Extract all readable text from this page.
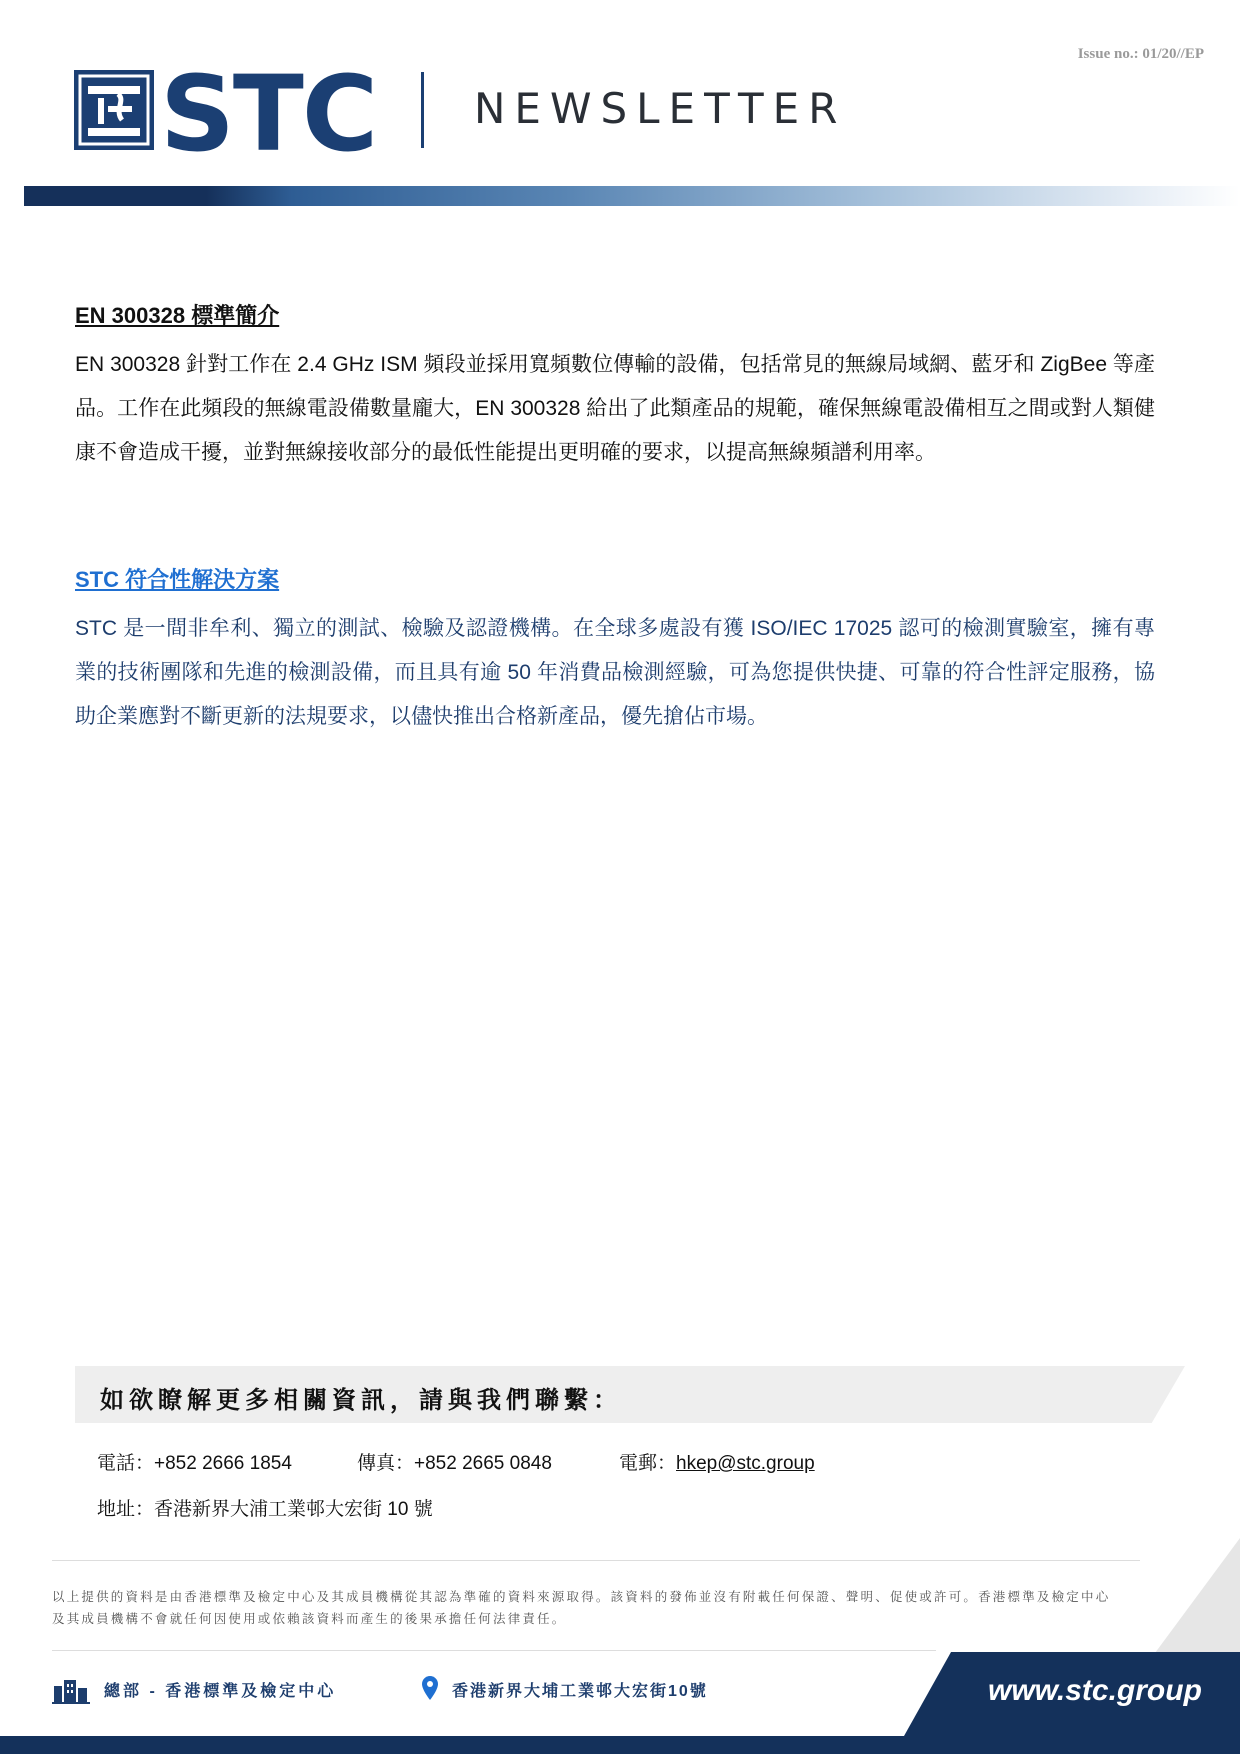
Issue no.: 01/20//EP
STC NEWSLETTER
EN 300328 標準簡介

EN 300328 針對工作在 2.4 GHz ISM 頻段並採用寬頻數位傳輸的設備，包括常見的無線局域網、藍牙和 ZigBee 等產品。工作在此頻段的無線電設備數量龐大，EN 300328 給出了此類產品的規範，確保無線電設備相互之間或對人類健康不會造成干擾，並對無線接收部分的最低性能提出更明確的要求，以提高無線頻譜利用率。

STC 符合性解決方案

STC 是一間非牟利、獨立的測試、檢驗及認證機構。在全球多處設有獲 ISO/IEC 17025 認可的檢測實驗室，擁有專業的技術團隊和先進的檢測設備，而且具有逾 50 年消費品檢測經驗，可為您提供快捷、可靠的符合性評定服務，協助企業應對不斷更新的法規要求，以儘快推出合格新產品，優先搶佔市場。

如欲瞭解更多相關資訊，請與我們聯繫：
電話：+852 2666 1854	傳真：+852 2665 0848	電郵：hkep@stc.group
地址：香港新界大浦工業邨大宏街 10 號
以上提供的資料是由香港標準及檢定中心及其成員機構從其認為準確的資料來源取得。該資料的發佈並沒有附載任何保證、聲明、促使或許可。香港標準及檢定中心及其成員機構不會就任何因使用或依賴該資料而產生的後果承擔任何法律責任。
www.stc.group
總部 - 香港標準及檢定中心	香港新界大埔工業邨大宏街10號
